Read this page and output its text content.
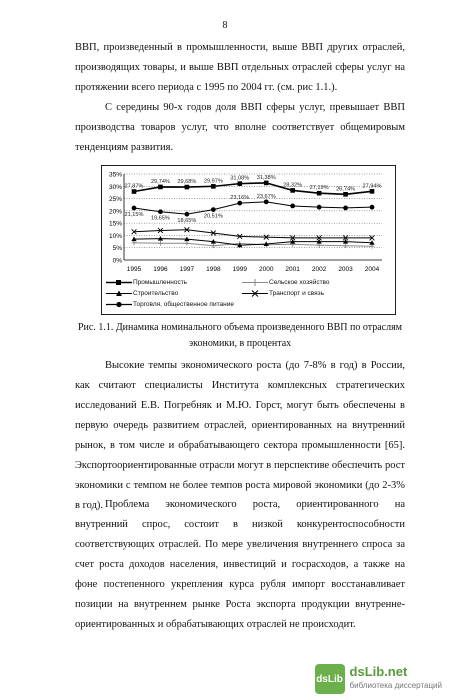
8

ВВП, произведенный в промышленности, выше ВВП других отраслей, производящих товары, и выше ВВП отдельных отраслей сферы услуг на протяжении всего периода с 1995 по 2004 гг. (см. рис 1.1.).

С середины 90-х годов доля ВВП сферы услуг, превышает ВВП производства товаров услуг, что вполне соответствует общемировым тенденциям развития.

0%
5%
10%
15%
20%
25%
30%
35%
1995 1996 1997 1998 1999 2000 2001 2002 2003 2004
27,87%
29,74% 29,68% 29,97% 31,08% 31,38%
28,32% 27,19% 26,74% 27,94%
21,15%
19,65% 18,65%
20,51%
23,16% 23,67%
Промышленность	Сельское хозяйство
Строительство	Транспорт и связь
Торговля, общественное питание
Рис. 1.1. Динамика номинального объема произведенного ВВП по отраслям экономики, в процентах

Высокие темпы экономического роста (до 7-8% в год) в России, как считают специалисты Института комплексных стратегических исследований Е.В. Погребняк и М.Ю. Горст, могут быть обеспечены в первую очередь развитием отраслей, ориентированных на внутренний рынок, в том числе и обрабатывающего сектора промышленности [65]. Экспортоориентированные отрасли могут в перспективе обеспечить рост экономики с темпом не более темпов роста мировой экономики (до 2-3% в год). Проблема экономического роста, ориентированного на внутренний спрос, состоит в низкой конкурентоспособности соответствующих отраслей. По мере увеличения внутреннего спроса за счет роста доходов населения, инвестиций и госрасходов, а также на фоне постепенного укрепления курса рубля импорт восстанавливает позиции на внутреннем рынке Роста экспорта продукции внутренне-ориентированных и обрабатывающих отраслей не происходит.

dsLib dsLib.net
библиотека диссертаций
